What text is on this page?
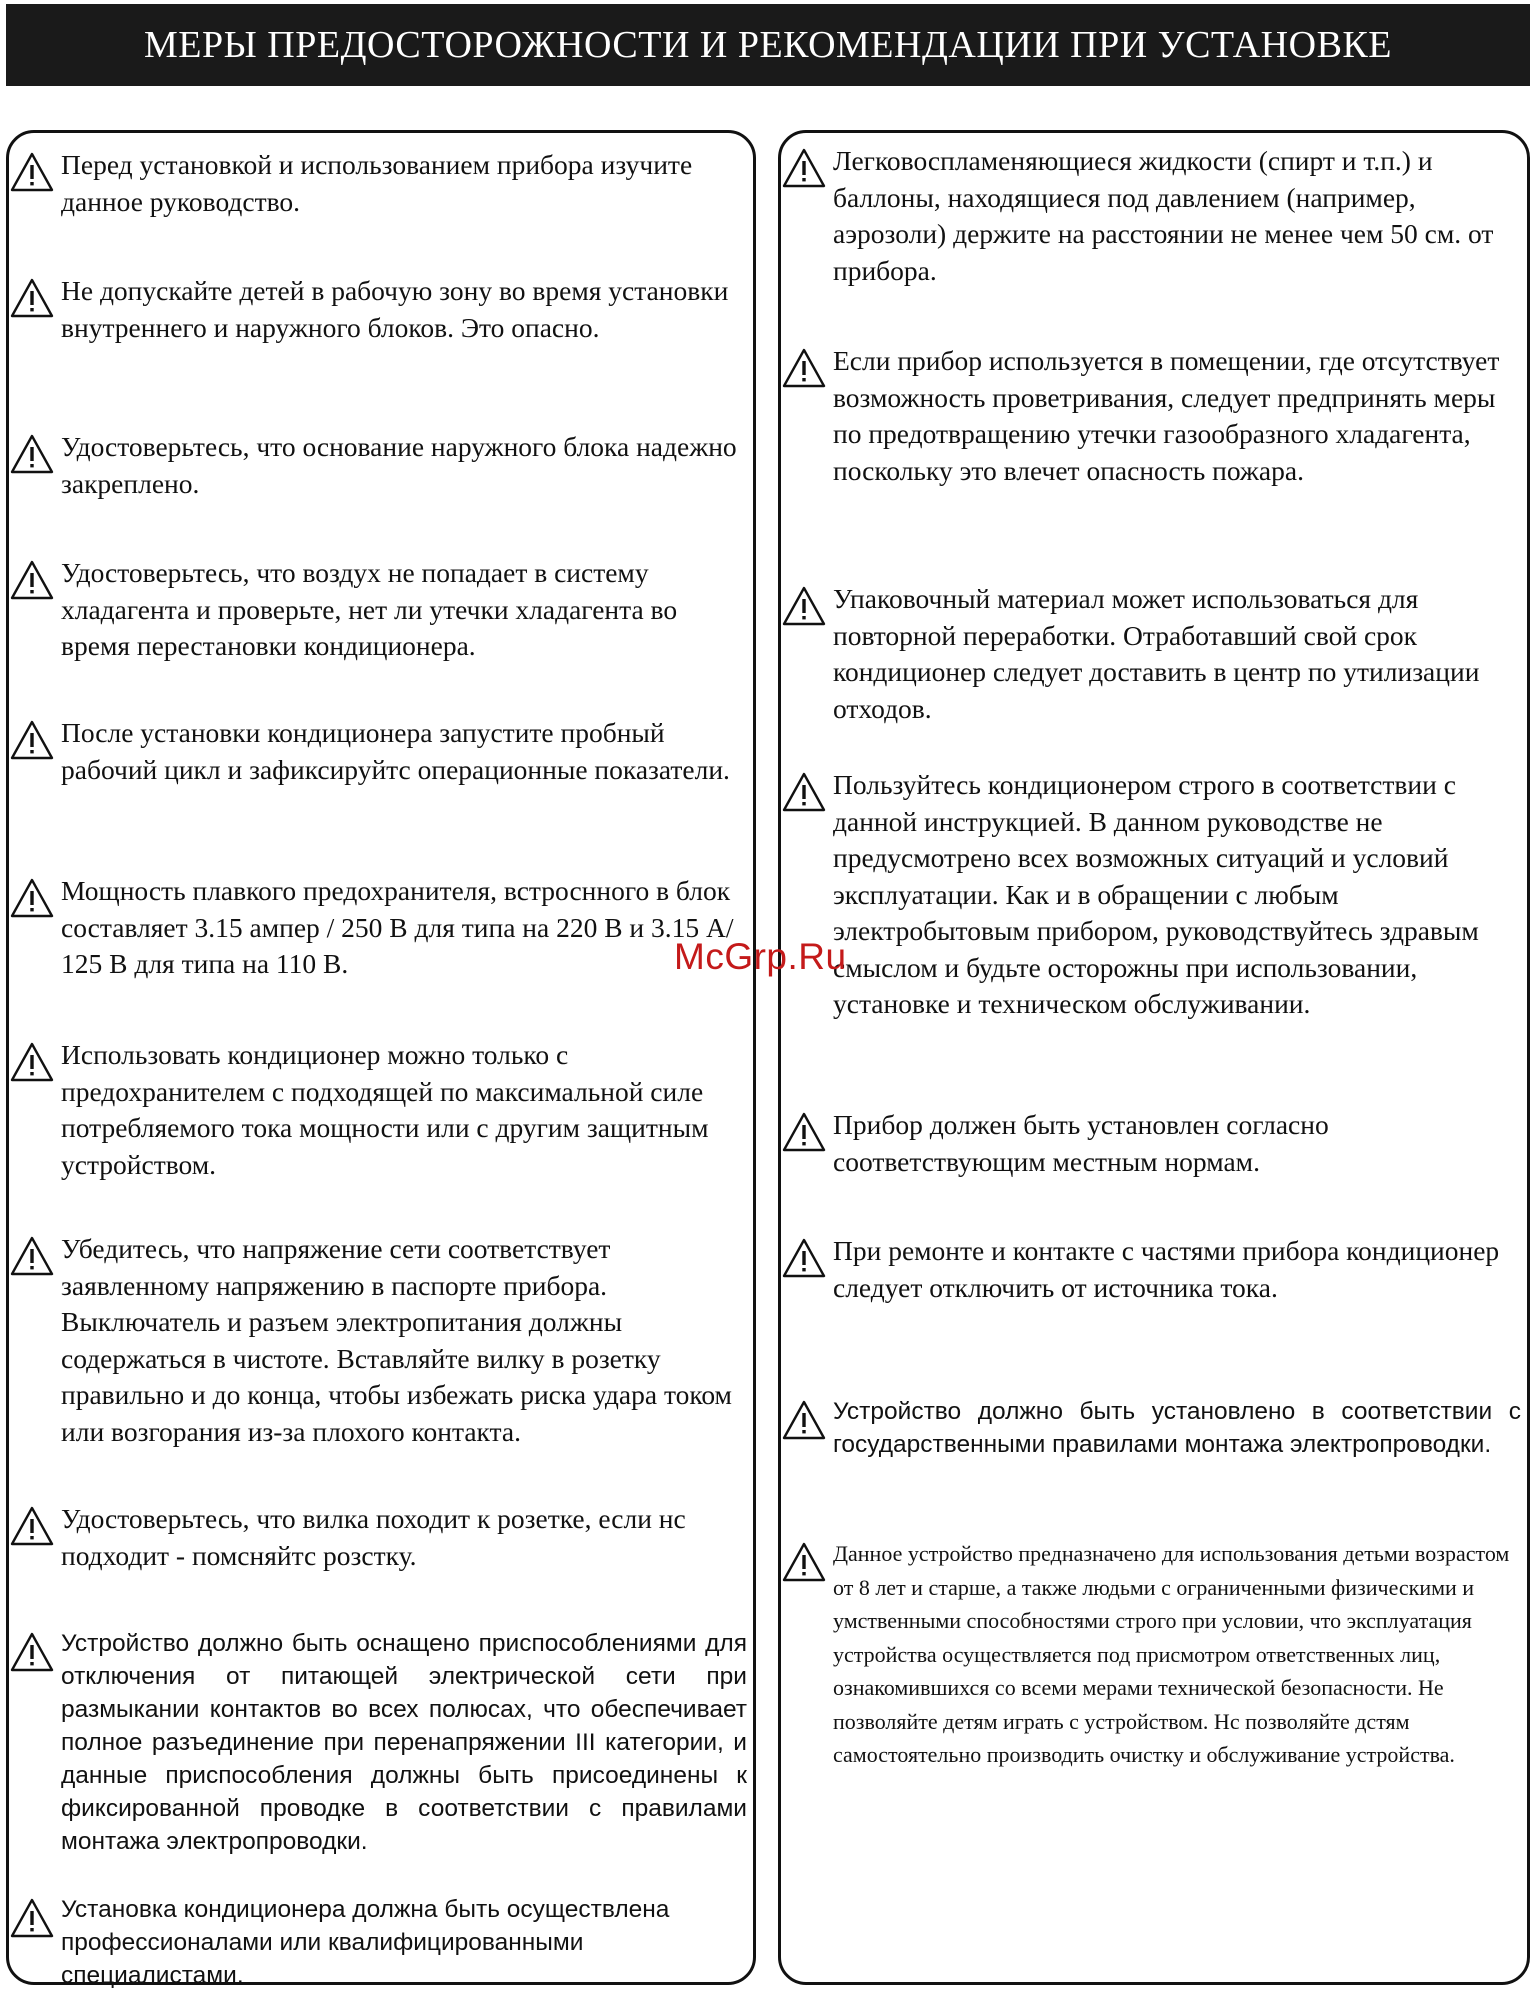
МЕРЫ ПРЕДОСТОРОЖНОСТИ И РЕКОМЕНДАЦИИ ПРИ УСТАНОВКЕ
Перед установкой и использованием прибора изучите данное руководство.
Не допускайте детей в рабочую зону во время установки внутреннего и наружного блоков. Это опасно.
Удостоверьтесь, что основание наружного блока надежно закреплено.
Удостоверьтесь, что воздух не попадает в систему хладагента и проверьте, нет ли утечки хладагента во время перестановки кондиционера.
После установки кондиционера запустите пробный рабочий цикл и зафиксируйтс операционные показатели.
Мощность плавкого предохранителя, встроснного в блок составляет 3.15 ампер / 250 В для типа на 220 В и 3.15 А/ 125 В для типа на 110 В.
Использовать кондиционер можно только с предохранителем с подходящей по максимальной силе потребляемого тока мощности или с другим защитным устройством.
Убедитесь, что напряжение сети соответствует заявленному напряжению в паспорте прибора. Выключатель и разъем электропитания должны содержаться в чистоте. Вставляйте вилку в розетку правильно и до конца, чтобы избежать риска удара током или возгорания из-за плохого контакта.
Удостоверьтесь, что вилка походит к розетке, если нс подходит - помсняйтс розстку.
Устройство должно быть оснащено приспособлениями для отключения от питающей электрической сети при размыкании контактов во всех полюсах, что обеспечивает полное разъединение при перенапряжении III категории, и данные приспособления должны быть присоединены к фиксированной проводке в соответствии с правилами монтажа электропроводки.
Установка кондиционера должна быть осуществлена профессионалами или квалифицированными специалистами.
Легковоспламеняющиеся жидкости (спирт и т.п.) и баллоны, находящиеся под давлением (например, аэрозоли) держите на расстоянии не менее чем 50 см. от прибора.
Если прибор используется в помещении, где отсутствует возможность проветривания, следует предпринять меры по предотвращению утечки газообразного хладагента, поскольку это влечет опасность пожара.
Упаковочный материал может использоваться для повторной переработки. Отработавший свой срок кондиционер следует доставить в центр по утилизации отходов.
Пользуйтесь кондиционером строго в соответствии с данной инструкцией. В данном руководстве не предусмотрено всех возможных ситуаций и условий эксплуатации. Как и в обращении с любым электробытовым прибором, руководствуйтесь здравым смыслом и будьте осторожны при использовании, установке и техническом обслуживании.
Прибор должен быть установлен согласно соответствующим местным нормам.
При ремонте и контакте с частями прибора кондиционер следует отключить от источника тока.
Устройство должно быть установлено в соответствии с государственными правилами монтажа электропроводки.
Данное устройство предназначено для использования детьми возрастом от 8 лет и старше, а также людьми с ограниченными физическими и умственными способностями строго при условии, что эксплуатация устройства осуществляется под присмотром ответственных лиц, ознакомившихся со всеми мерами технической безопасности. Не позволяйте детям играть с устройством. Нс позволяйте дстям самостоятельно производить очистку и обслуживание устройства.
McGrp.Ru
